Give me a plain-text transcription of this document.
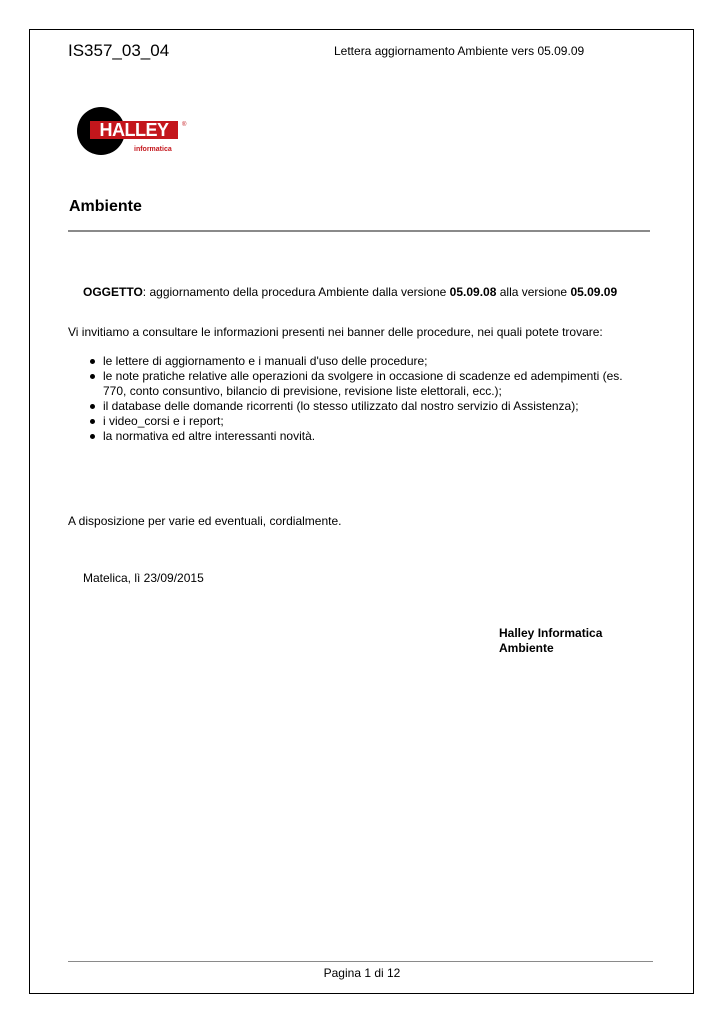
IS357_03_04	Lettera aggiornamento Ambiente vers 05.09.09
HALLEY ®
informatica
Ambiente
OGGETTO: aggiornamento della procedura Ambiente dalla versione 05.09.08 alla versione 05.09.09
Vi invitiamo a consultare le informazioni presenti nei banner delle procedure, nei quali potete trovare:
le lettere di aggiornamento e i manuali d'uso delle procedure;
le note pratiche relative alle operazioni da svolgere in occasione di scadenze ed adempimenti (es. 770, conto consuntivo, bilancio di previsione, revisione liste elettorali, ecc.);
il database delle domande ricorrenti (lo stesso utilizzato dal nostro servizio di Assistenza);
i video_corsi e i report;
la normativa ed altre interessanti novità.
A disposizione per varie ed eventuali, cordialmente.
Matelica, lì 23/09/2015
Halley Informatica
Ambiente
Pagina 1 di 12
